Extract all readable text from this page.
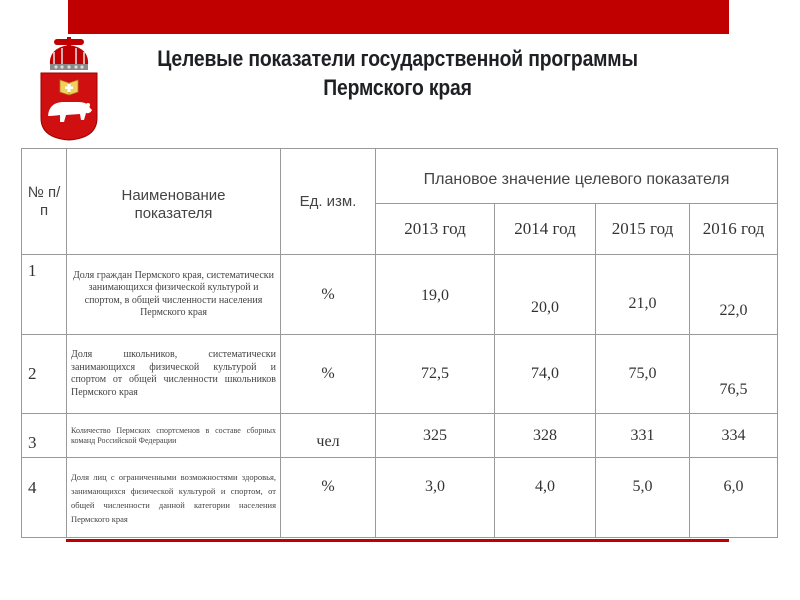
Целевые показатели государственной программы
Пермского края
№ п/п	Наименование показателя	Ед. изм.	Плановое значение целевого показателя			
			2013 год	2014 год	2015 год	2016 год
1	Доля граждан Пермского края, систематически занимающихся физической культурой и спортом, в общей численности населения Пермского края	%	19,0	20,0	21,0	22,0
2	Доля школьников, систематически занимающихся физической культурой и спортом от общей численности школьников Пермского края	%	72,5	74,0	75,0	76,5
3	Количество Пермских спортсменов в составе сборных команд Российской Федерации	чел	325	328	331	334
4	Доля лиц с ограниченными возможностями здоровья, занимающихся физической культурой и спортом, от общей численности данной категории населения Пермского края	%	3,0	4,0	5,0	6,0
